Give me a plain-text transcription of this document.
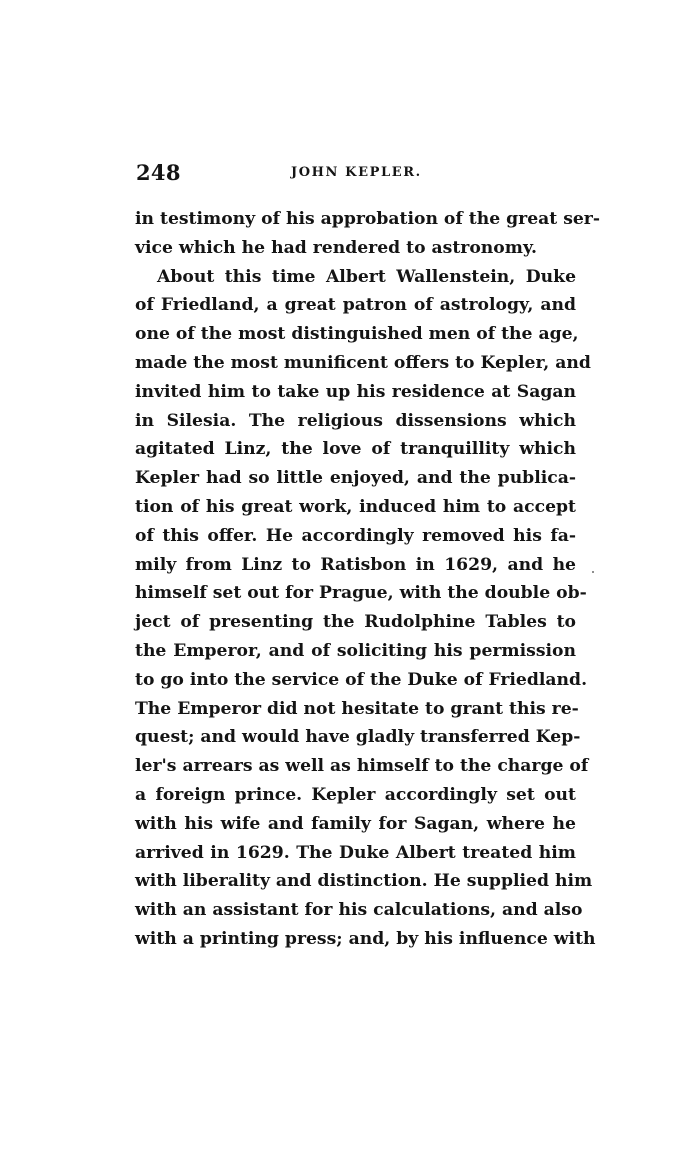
248	JOHN KEPLER.
in testimony of his approbation of the great ser-
vice which he had rendered to astronomy.
About this time Albert Wallenstein, Duke
of Friedland, a great patron of astrology, and
one of the most distinguished men of the age,
made the most munificent offers to Kepler, and
invited him to take up his residence at Sagan
in Silesia. The religious dissensions which
agitated Linz, the love of tranquillity which
Kepler had so little enjoyed, and the publica-
tion of his great work, induced him to accept
of this offer. He accordingly removed his fa-
mily from Linz to Ratisbon in 1629, and he
himself set out for Prague, with the double ob-
ject of presenting the Rudolphine Tables to
the Emperor, and of soliciting his permission
to go into the service of the Duke of Friedland.
The Emperor did not hesitate to grant this re-
quest; and would have gladly transferred Kep-
ler's arrears as well as himself to the charge of
a foreign prince. Kepler accordingly set out
with his wife and family for Sagan, where he
arrived in 1629. The Duke Albert treated him
with liberality and distinction. He supplied him
with an assistant for his calculations, and also
with a printing press; and, by his influence with
